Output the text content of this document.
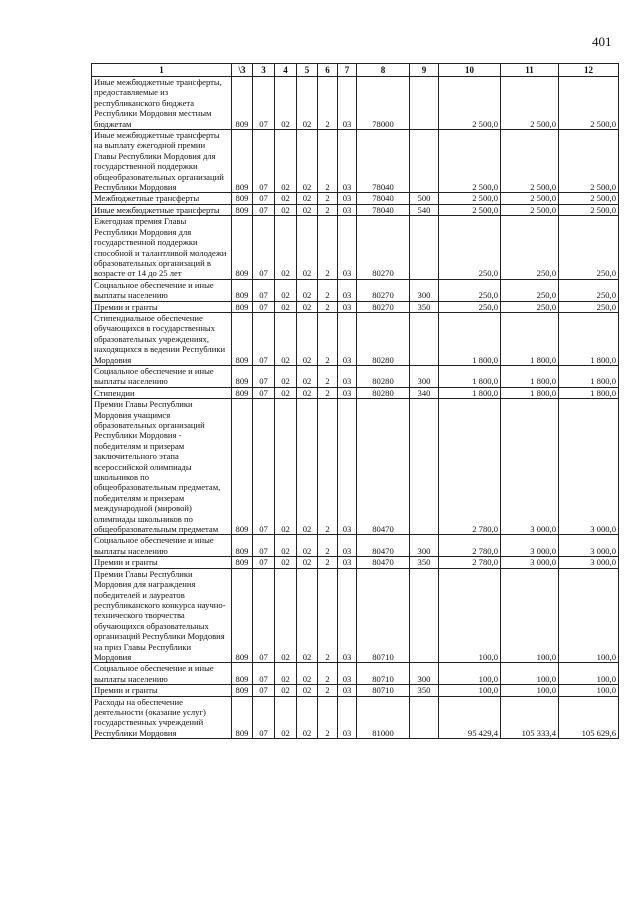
401
1	\3	3	4	5	6	7	8	9	10	11	12
Иные межбюджетные трансферты, предоставляемые из республиканского бюджета Республики Мордовия местным бюджетам	809	07	02	02	2	03	78000		2 500,0	2 500,0	2 500,0
Иные межбюджетные трансферты на выплату ежегодной премии Главы Республики Мордовия для государственной поддержки общеобразовательных организаций Республики Мордовия	809	07	02	02	2	03	78040		2 500,0	2 500,0	2 500,0
Межбюджетные трансферты	809	07	02	02	2	03	78040	500	2 500,0	2 500,0	2 500,0
Иные межбюджетные трансферты	809	07	02	02	2	03	78040	540	2 500,0	2 500,0	2 500,0
Ежегодная премия Главы Республики Мордовия для государственной поддержки способной и талантливой молодежи образовательных организаций в возрасте от 14 до 25 лет	809	07	02	02	2	03	80270		250,0	250,0	250,0
Социальное обеспечение и иные выплаты населению	809	07	02	02	2	03	80270	300	250,0	250,0	250,0
Премии и гранты	809	07	02	02	2	03	80270	350	250,0	250,0	250,0
Стипендиальное обеспечение обучающихся в государственных образовательных учреждениях, находящихся в ведении Республики Мордовия	809	07	02	02	2	03	80280		1 800,0	1 800,0	1 800,0
Социальное обеспечение и иные выплаты населению	809	07	02	02	2	03	80280	300	1 800,0	1 800,0	1 800,0
Стипендии	809	07	02	02	2	03	80280	340	1 800,0	1 800,0	1 800,0
Премии Главы Республики Мордовия учащимся образовательных организаций Республики Мордовия - победителям и призерам заключительного этапа всероссийской олимпиады школьников по общеобразовательным предметам, победителям и призерам международной (мировой) олимпиады школьников по общеобразовательным предметам	809	07	02	02	2	03	80470		2 780,0	3 000,0	3 000,0
Социальное обеспечение и иные выплаты населению	809	07	02	02	2	03	80470	300	2 780,0	3 000,0	3 000,0
Премии и гранты	809	07	02	02	2	03	80470	350	2 780,0	3 000,0	3 000,0
Премии Главы Республики Мордовия для награждения победителей и лауреатов республиканского конкурса научно-технического творчества обучающихся образовательных организаций Республики Мордовия на приз Главы Республики Мордовия	809	07	02	02	2	03	80710		100,0	100,0	100,0
Социальное обеспечение и иные выплаты населению	809	07	02	02	2	03	80710	300	100,0	100,0	100,0
Премии и гранты	809	07	02	02	2	03	80710	350	100,0	100,0	100,0
Расходы на обеспечение деятельности (оказание услуг) государственных учреждений Республики Мордовия	809	07	02	02	2	03	81000		95 429,4	105 333,4	105 629,6
